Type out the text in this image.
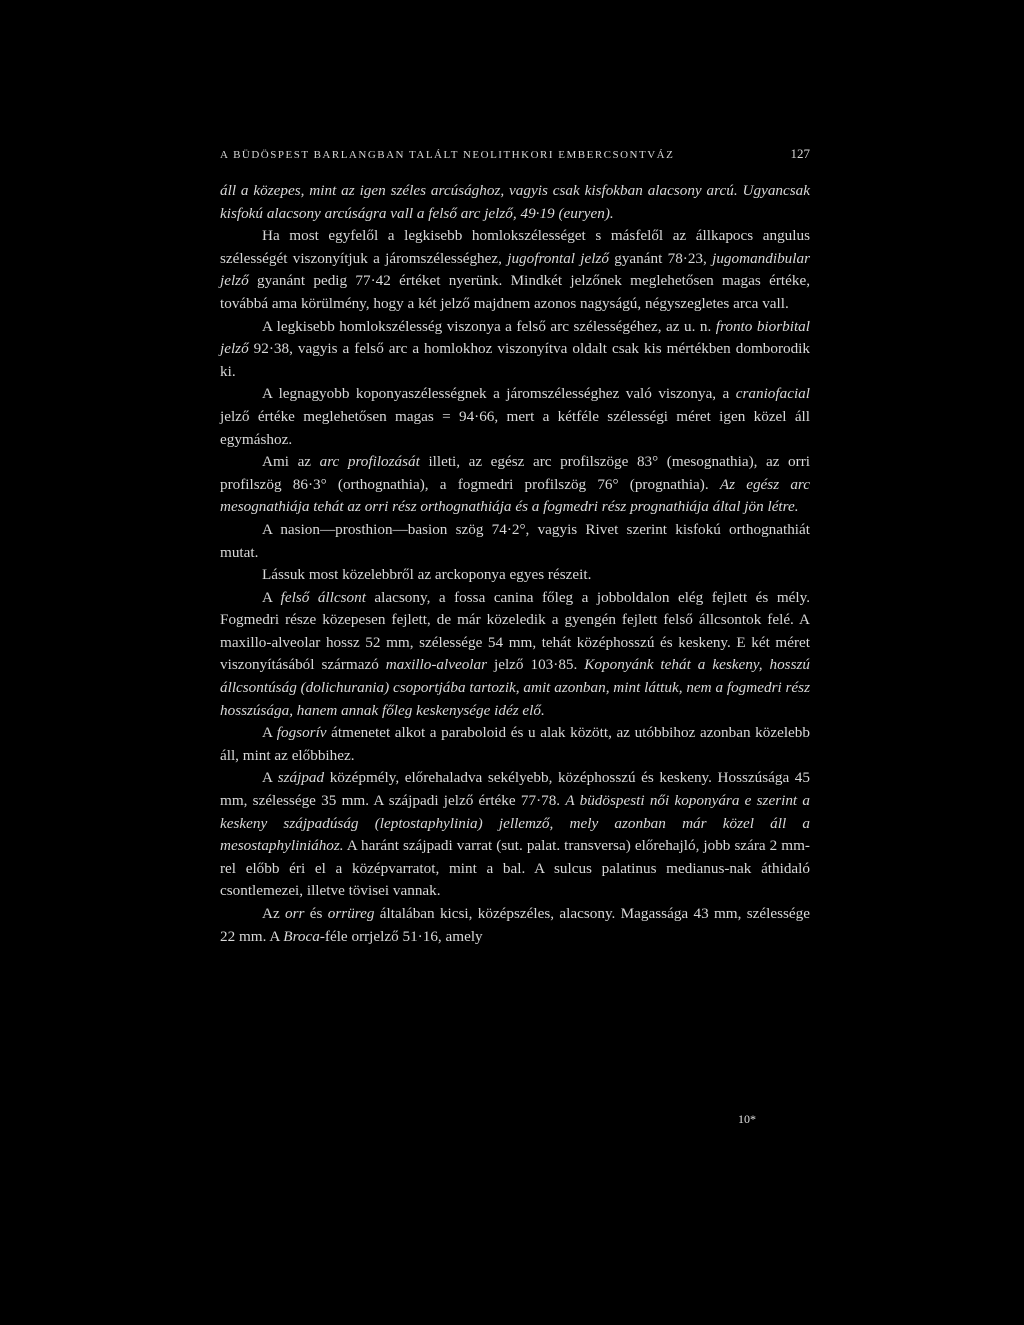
A BÜDÖSPEST BARLANGBAN TALÁLT NEOLITHKORI EMBERCSONTVÁZ	127

áll a közepes, mint az igen széles arcúsághoz, vagyis csak kisfokban alacsony arcú. Ugyancsak kisfokú alacsony arcúságra vall a felső arc jelző, 49·19 (euryen).

Ha most egyfelől a legkisebb homlokszélességet s másfelől az állkapocs angulus szélességét viszonyítjuk a járomszélességhez, jugofrontal jelző gyanánt 78·23, jugomandibular jelző gyanánt pedig 77·42 értéket nyerünk. Mindkét jelzőnek meglehetősen magas értéke, továbbá ama körülmény, hogy a két jelző majdnem azonos nagyságú, négyszegletes arca vall.

A legkisebb homlokszélesség viszonya a felső arc szélességéhez, az u. n. fronto biorbital jelző 92·38, vagyis a felső arc a homlokhoz viszonyítva oldalt csak kis mértékben domborodik ki.

A legnagyobb koponyaszélességnek a járomszélességhez való viszonya, a craniofacial jelző értéke meglehetősen magas = 94·66, mert a kétféle szélességi méret igen közel áll egymáshoz.

Ami az arc profilozását illeti, az egész arc profilszöge 83° (mesognathia), az orri profilszög 86·3° (orthognathia), a fogmedri profilszög 76° (prognathia). Az egész arc mesognathiája tehát az orri rész orthognathiája és a fogmedri rész prognathiája által jön létre.

A nasion—prosthion—basion szög 74·2°, vagyis Rivet szerint kisfokú orthognathiát mutat.

Lássuk most közelebbről az arckoponya egyes részeit.

A felső állcsont alacsony, a fossa canina főleg a jobboldalon elég fejlett és mély. Fogmedri része közepesen fejlett, de már közeledik a gyengén fejlett felső állcsontok felé. A maxillo-alveolar hossz 52 mm, szélessége 54 mm, tehát középhosszú és keskeny. E két méret viszonyításából származó maxillo-alveolar jelző 103·85. Koponyánk tehát a keskeny, hosszú állcsontúság (dolichurania) csoportjába tartozik, amit azonban, mint láttuk, nem a fogmedri rész hosszúsága, hanem annak főleg keskenysége idéz elő.

A fogsorív átmenetet alkot a paraboloid és u alak között, az utóbbihoz azonban közelebb áll, mint az előbbihez.

A szájpad középmély, előrehaladva sekélyebb, középhosszú és keskeny. Hosszúsága 45 mm, szélessége 35 mm. A szájpadi jelző értéke 77·78. A büdöspesti női koponyára e szerint a keskeny szájpadúság (leptostaphylinia) jellemző, mely azonban már közel áll a mesostaphyliniához. A haránt szájpadi varrat (sut. palat. transversa) előrehajló, jobb szára 2 mm-rel előbb éri el a középvarratot, mint a bal. A sulcus palatinus medianus-nak áthidaló csontlemezei, illetve tövisei vannak.

Az orr és orrüreg általában kicsi, középszéles, alacsony. Magassága 43 mm, szélessége 22 mm. A Broca-féle orrjelző 51·16, amely

10*
